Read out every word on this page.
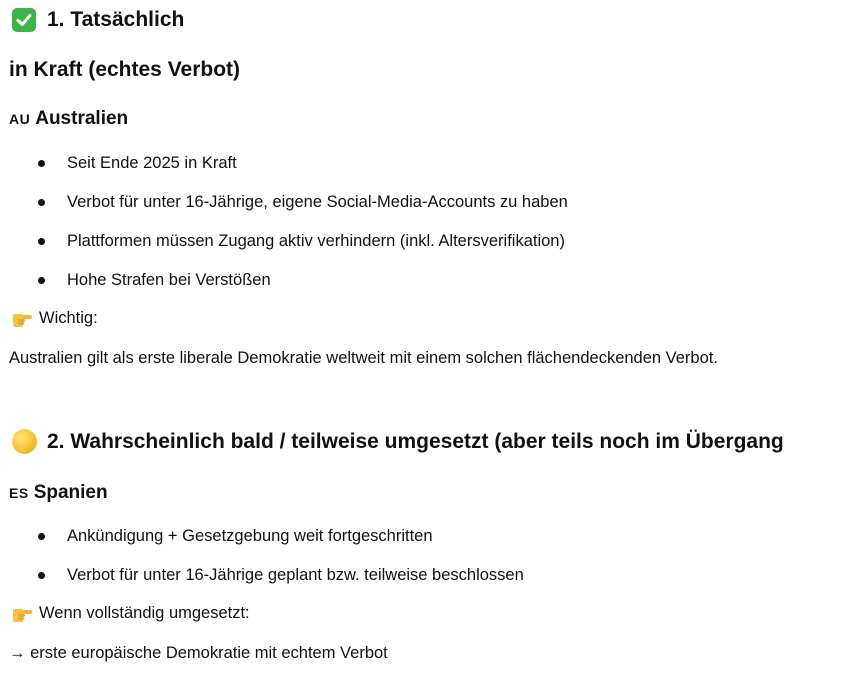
1. Tatsächlich
in Kraft (echtes Verbot)
AU Australien
Seit Ende 2025 in Kraft
Verbot für unter 16-Jährige, eigene Social-Media-Accounts zu haben
Plattformen müssen Zugang aktiv verhindern (inkl. Altersverifikation)
Hohe Strafen bei Verstößen
Wichtig:
Australien gilt als erste liberale Demokratie weltweit mit einem solchen flächendeckenden Verbot.
2. Wahrscheinlich bald / teilweise umgesetzt (aber teils noch im Übergang
ES Spanien
Ankündigung + Gesetzgebung weit fortgeschritten
Verbot für unter 16-Jährige geplant bzw. teilweise beschlossen
Wenn vollständig umgesetzt:
→ erste europäische Demokratie mit echtem Verbot
